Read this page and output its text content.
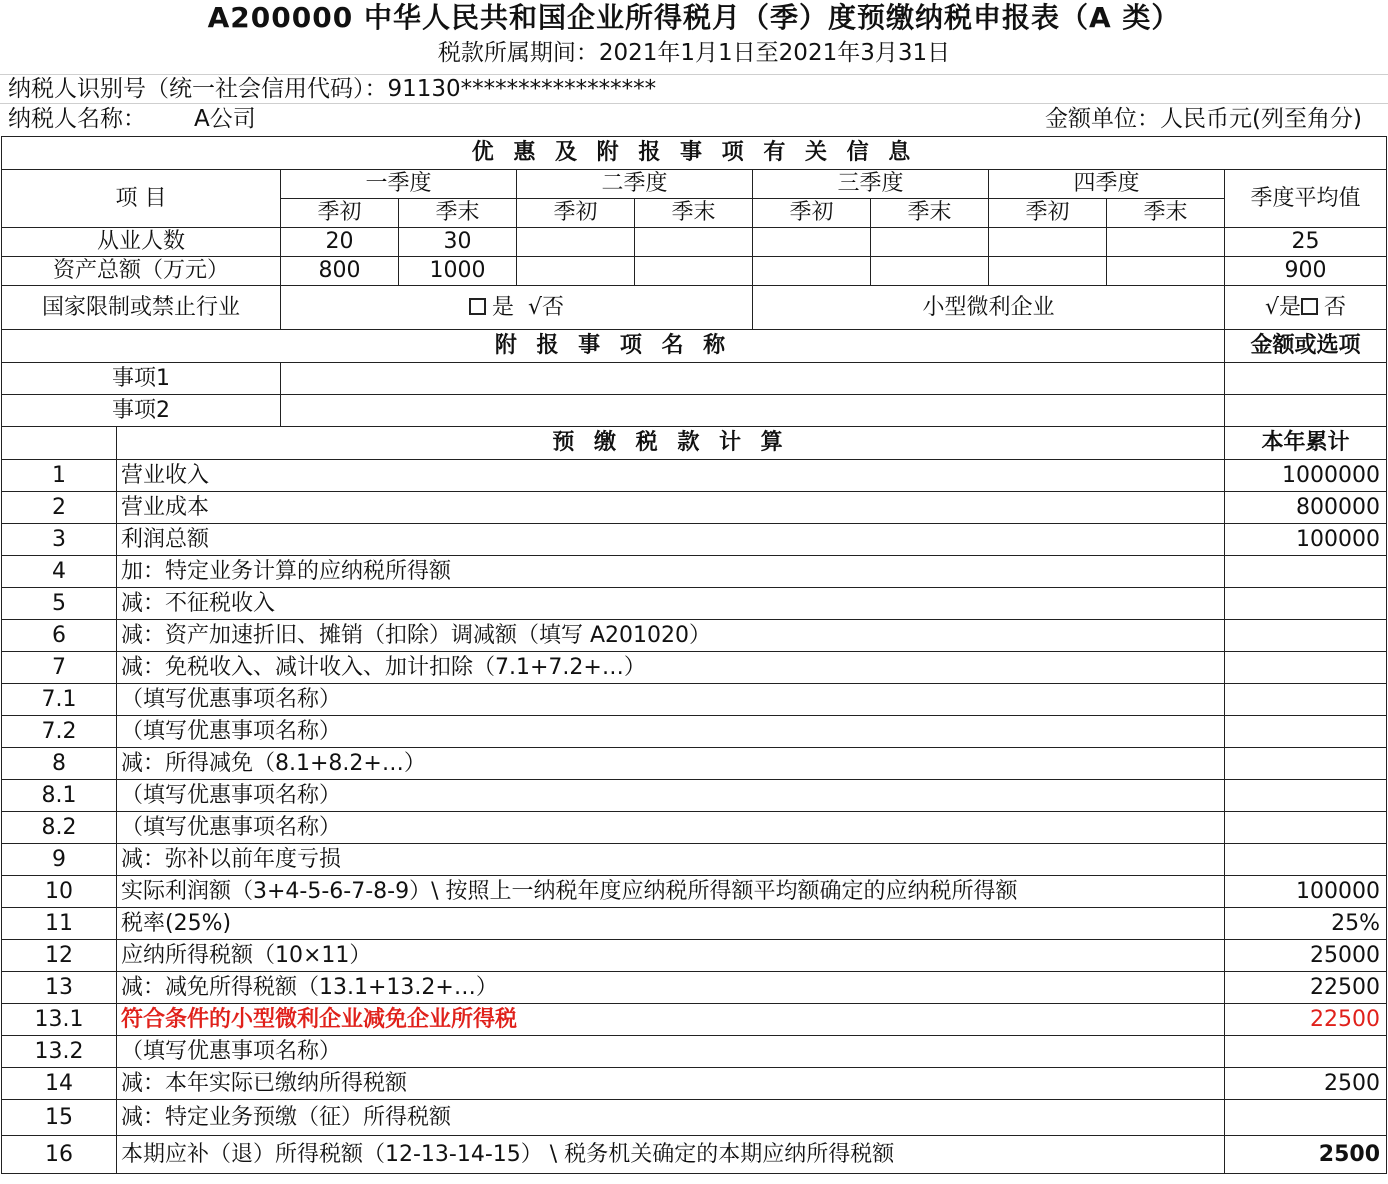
A200000 中华人民共和国企业所得税月（季）度预缴纳税申报表（A 类）
税款所属期间：2021年1月1日至2021年3月31日
纳税人识别号（统一社会信用代码）：91130*****************
纳税人名称： A公司	金额单位：人民币元(列至角分)
优 惠 及 附 报 事 项 有 关 信 息										
项 目		一季度		二季度		三季度		四季度		季度平均值
		季初	季末	季初	季末	季初	季末	季初	季末	
从业人数		20	30							25
资产总额（万元）		800	1000							900
国家限制或禁止行业		是 √否				小型微利企业				√是 否
附 报 事 项 名 称										金额或选项
事项1										
事项2										
	预 缴 税 款 计 算									本年累计
1	营业收入									1000000
2	营业成本									800000
3	利润总额									100000
4	加：特定业务计算的应纳税所得额									
5	减：不征税收入									
6	减：资产加速折旧、摊销（扣除）调减额（填写 A201020）									
7	减：免税收入、减计收入、加计扣除（7.1+7.2+…）									
7.1	（填写优惠事项名称）									
7.2	（填写优惠事项名称）									
8	减：所得减免（8.1+8.2+…）									
8.1	（填写优惠事项名称）									
8.2	（填写优惠事项名称）									
9	减：弥补以前年度亏损									
10	实际利润额（3+4-5-6-7-8-9）\ 按照上一纳税年度应纳税所得额平均额确定的应纳税所得额									100000
11	税率(25%)									25%
12	应纳所得税额（10×11）									25000
13	减：减免所得税额（13.1+13.2+…）									22500
13.1	符合条件的小型微利企业减免企业所得税									22500
13.2	（填写优惠事项名称）									
14	减：本年实际已缴纳所得税额									2500
15	减：特定业务预缴（征）所得税额									
16	本期应补（退）所得税额（12-13-14-15） \ 税务机关确定的本期应纳所得税额									2500
